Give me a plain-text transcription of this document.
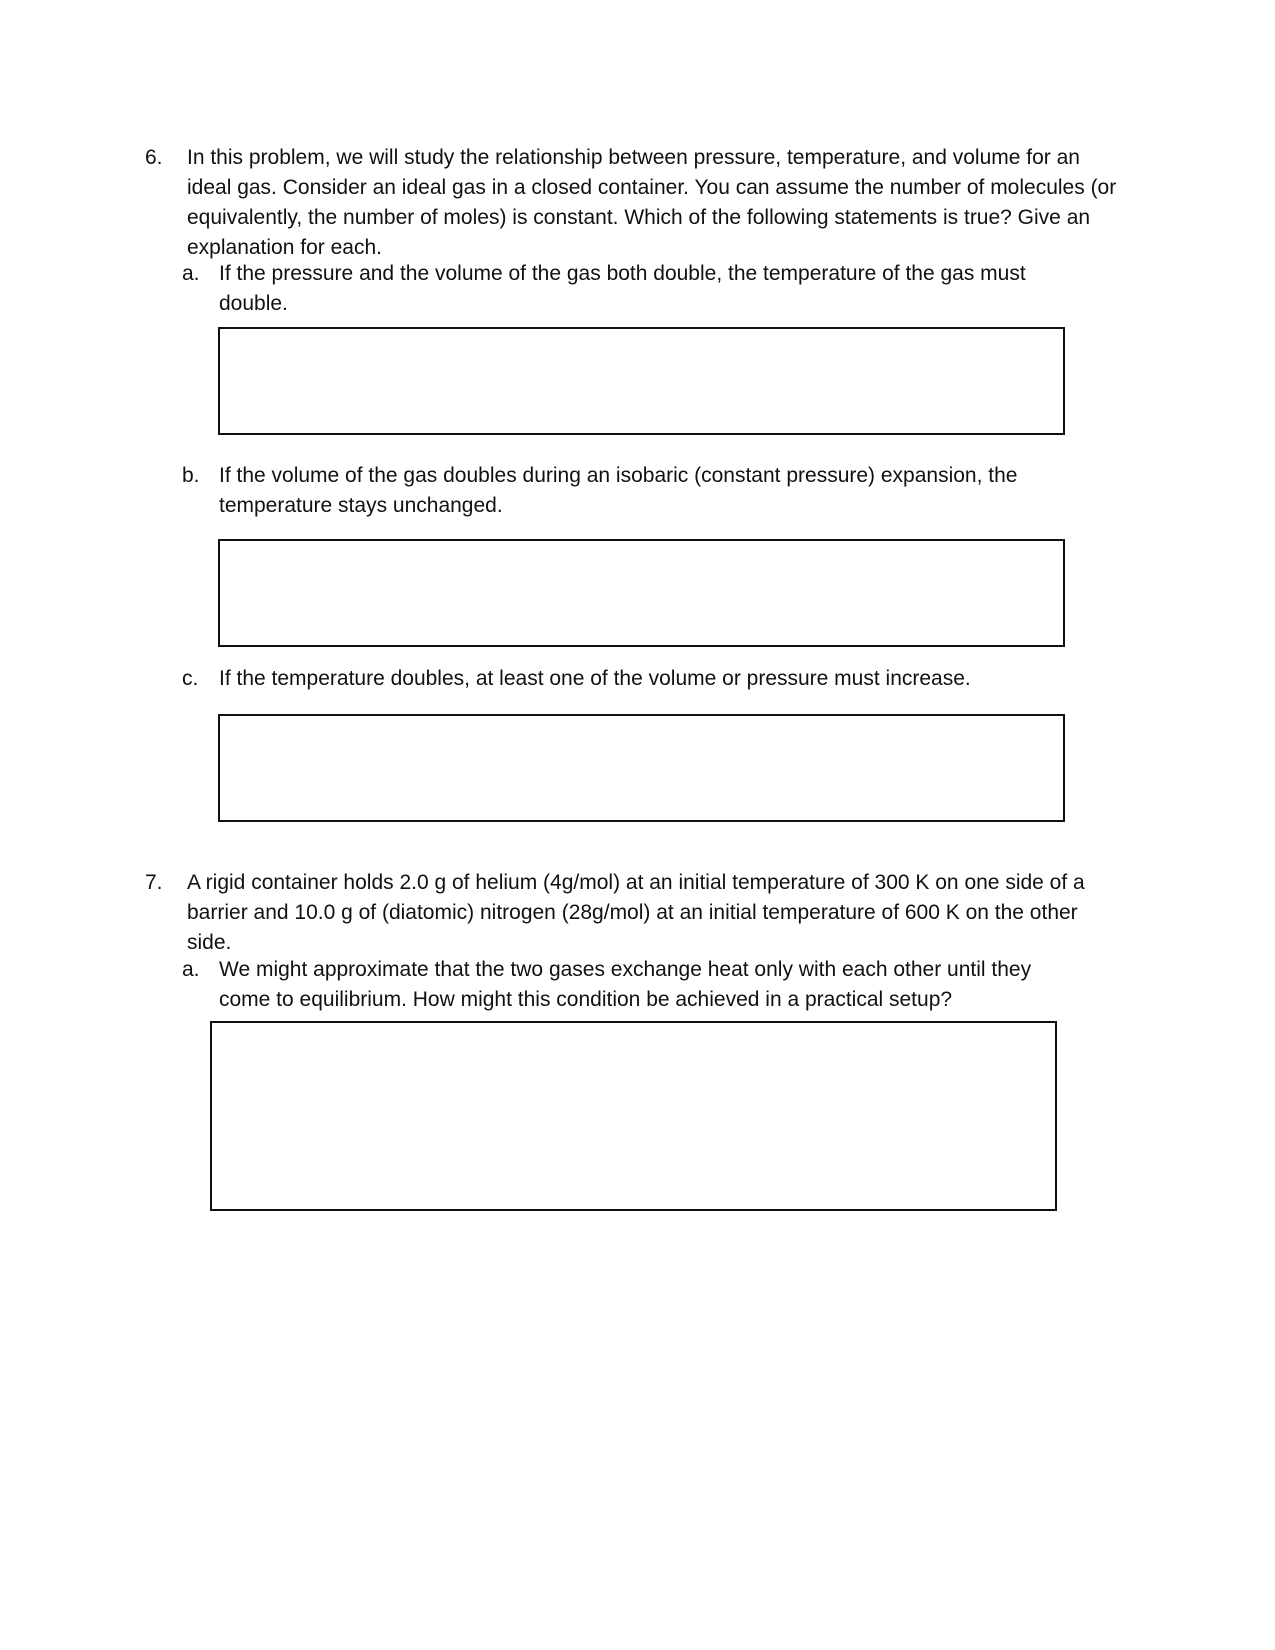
6. In this problem, we will study the relationship between pressure, temperature, and volume for an ideal gas. Consider an ideal gas in a closed container. You can assume the number of molecules (or equivalently, the number of moles) is constant. Which of the following statements is true? Give an explanation for each.

a. If the pressure and the volume of the gas both double, the temperature of the gas must double.
b. If the volume of the gas doubles during an isobaric (constant pressure) expansion, the temperature stays unchanged.
c. If the temperature doubles, at least one of the volume or pressure must increase.
7. A rigid container holds 2.0 g of helium (4g/mol) at an initial temperature of 300 K on one side of a barrier and 10.0 g of (diatomic) nitrogen (28g/mol) at an initial temperature of 600 K on the other side.

a. We might approximate that the two gases exchange heat only with each other until they come to equilibrium. How might this condition be achieved in a practical setup?
